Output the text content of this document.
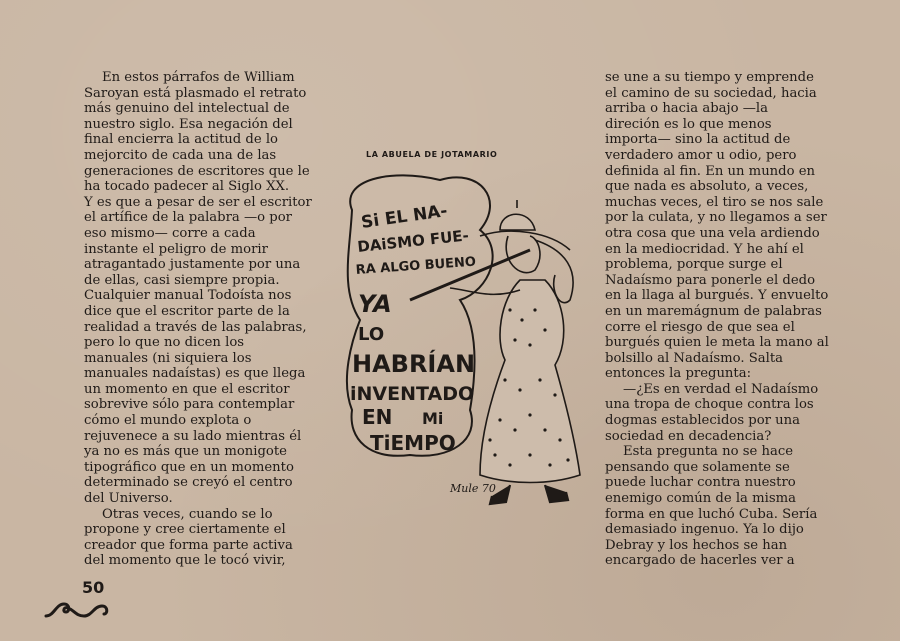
En estos párrafos de William
Saroyan está plasmado el retrato
más genuino del intelectual de
nuestro siglo. Esa negación del
final encierra la actitud de lo
mejorcito de cada una de las
generaciones de escritores que le
ha tocado padecer al Siglo XX.
Y es que a pesar de ser el escritor
el artífice de la palabra —o por
eso mismo— corre a cada
instante el peligro de morir
atragantado justamente por una
de ellas, casi siempre propia.
Cualquier manual Todoísta nos
dice que el escritor parte de la
realidad a través de las palabras,
pero lo que no dicen los
manuales (ni siquiera los
manuales nadaístas) es que llega
un momento en que el escritor
sobrevive sólo para contemplar
cómo el mundo explota o
rejuvenece a su lado mientras él
ya no es más que un monigote
tipográfico que en un momento
determinado se creyó el centro
del Universo.
Otras veces, cuando se lo
propone y cree ciertamente el
creador que forma parte activa
del momento que le tocó vivir,
LA ABUELA DE JOTAMARIO
Si EL NA-
DAiSMO FUE-
RA ALGO BUENO
YA
LO
HABRÍAN
iNVENTADO
EN Mi
TiEMPO
Mule 70
se une a su tiempo y emprende
el camino de su sociedad, hacia
arriba o hacia abajo —la
direción es lo que menos
importa— sino la actitud de
verdadero amor u odio, pero
definida al fin. En un mundo en
que nada es absoluto, a veces,
muchas veces, el tiro se nos sale
por la culata, y no llegamos a ser
otra cosa que una vela ardiendo
en la mediocridad. Y he ahí el
problema, porque surge el
Nadaísmo para ponerle el dedo
en la llaga al burgués. Y envuelto
en un maremágnum de palabras
corre el riesgo de que sea el
burgués quien le meta la mano al
bolsillo al Nadaísmo. Salta
entonces la pregunta:
—¿Es en verdad el Nadaísmo
una tropa de choque contra los
dogmas establecidos por una
sociedad en decadencia?
Esta pregunta no se hace
pensando que solamente se
puede luchar contra nuestro
enemigo común de la misma
forma en que luchó Cuba. Sería
demasiado ingenuo. Ya lo dijo
Debray y los hechos se han
encargado de hacerles ver a
50
